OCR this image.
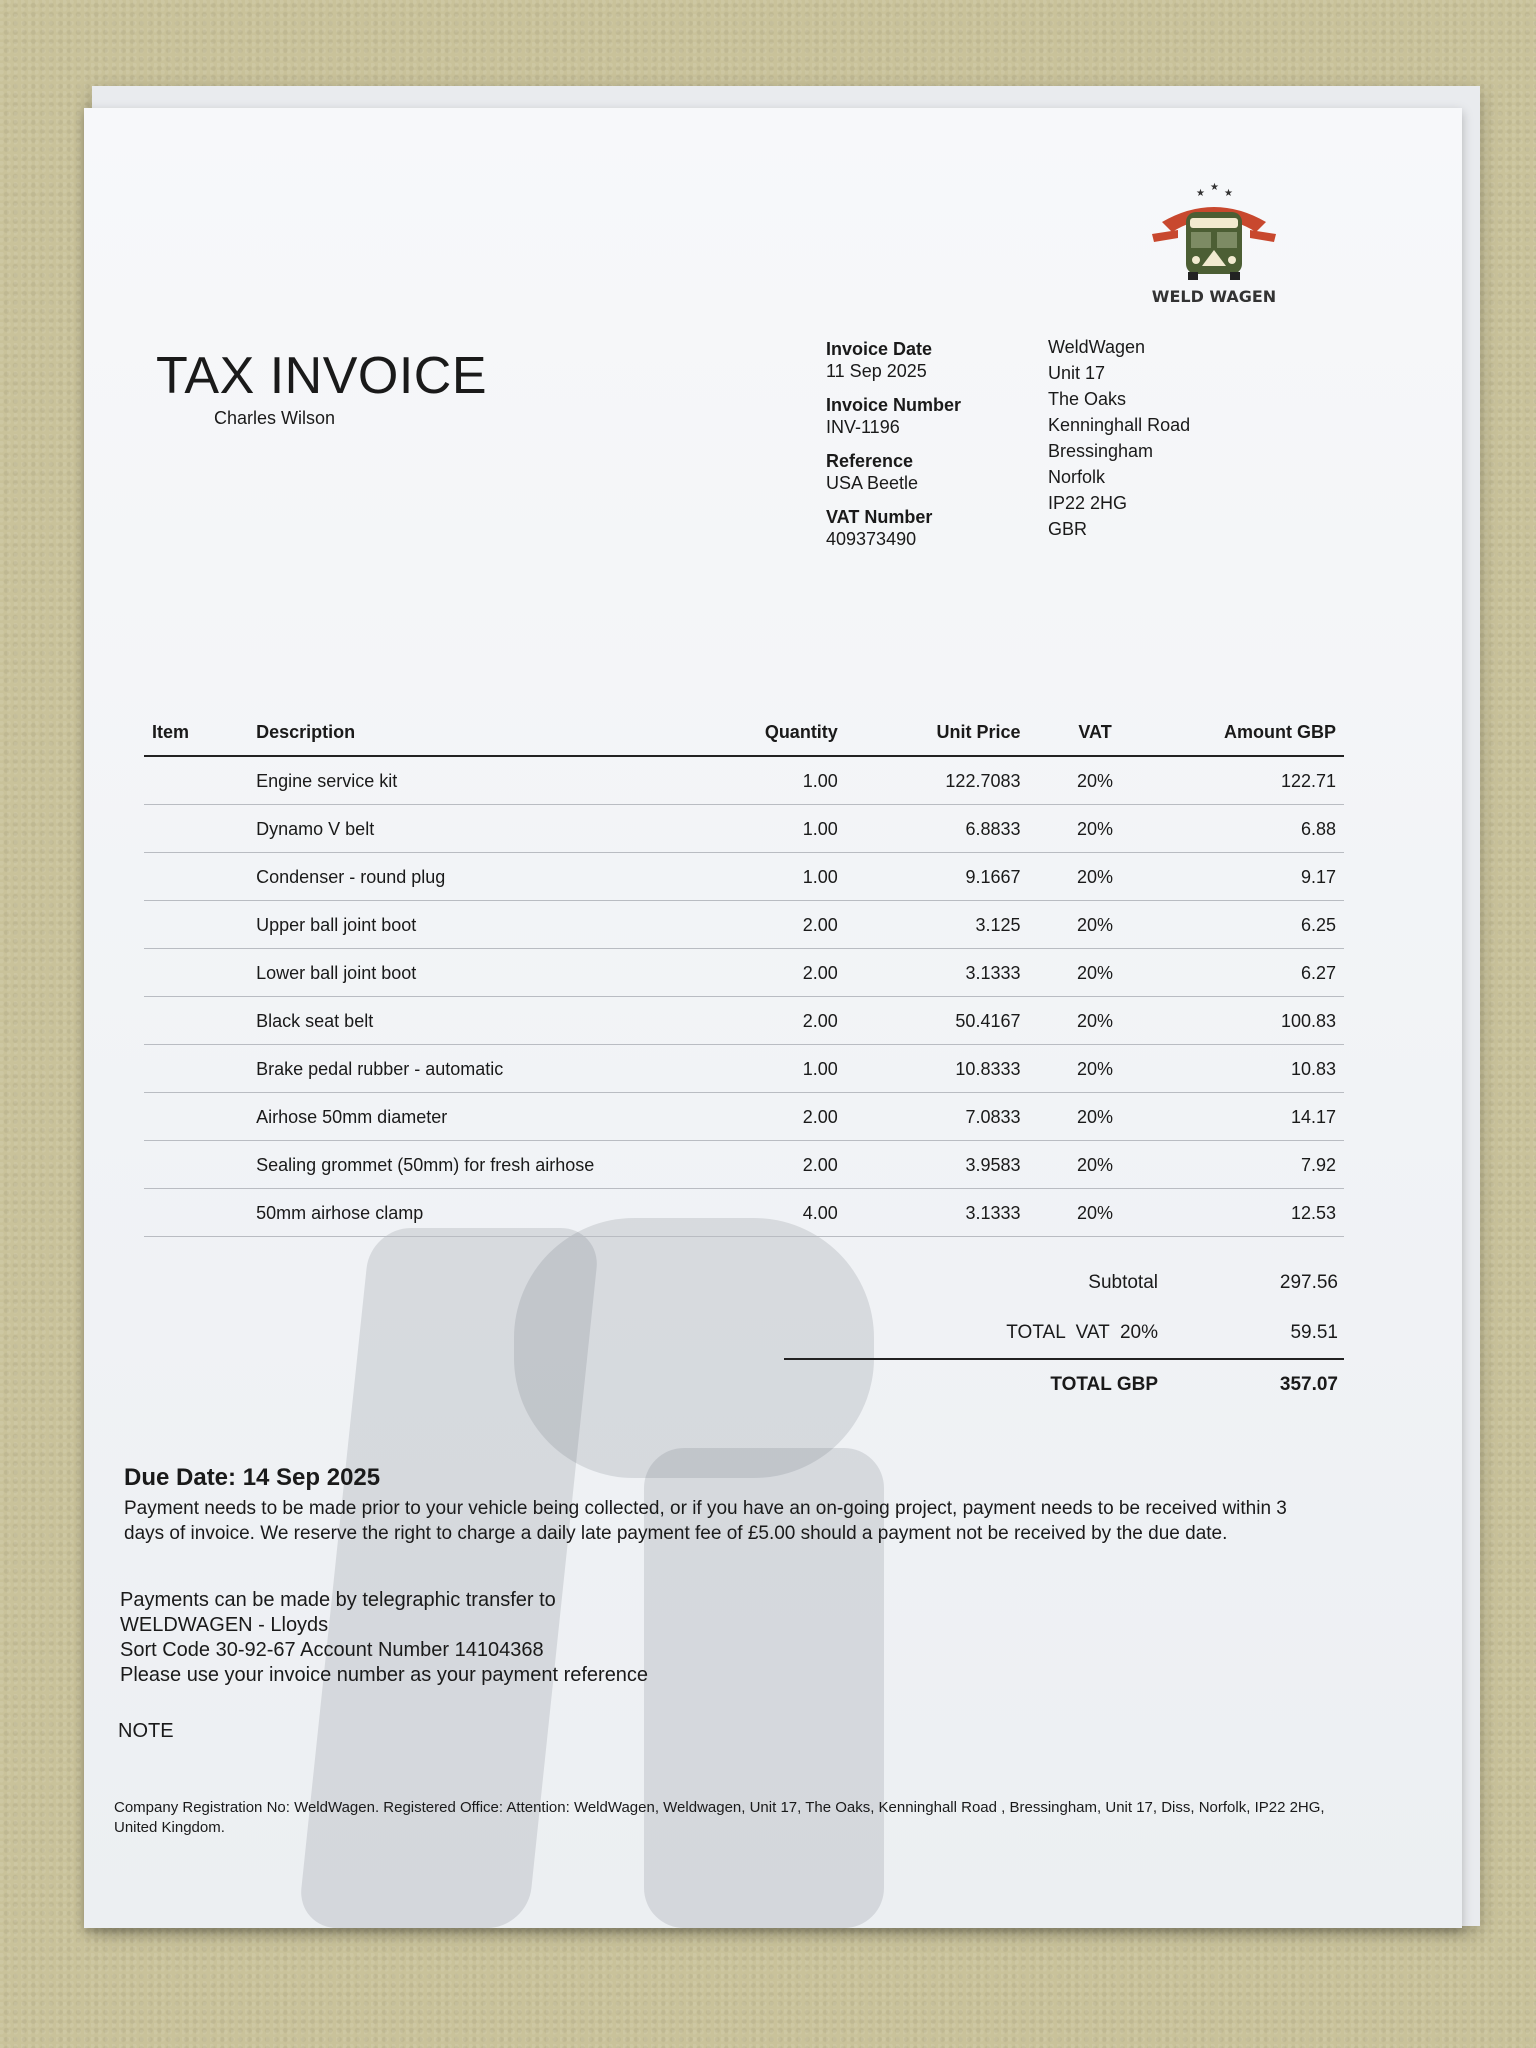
★
★
★
WELD WAGEN
TAX INVOICE
Charles Wilson
Invoice Date
11 Sep 2025
Invoice Number
INV-1196
Reference
USA Beetle
VAT Number
409373490
WeldWagen
Unit 17
The Oaks
Kenninghall Road
Bressingham
Norfolk
IP22 2HG
GBR
Item	Description	Quantity	Unit Price	VAT	Amount GBP
	Engine service kit	1.00	122.7083	20%	122.71
	Dynamo V belt	1.00	6.8833	20%	6.88
	Condenser - round plug	1.00	9.1667	20%	9.17
	Upper ball joint boot	2.00	3.125	20%	6.25
	Lower ball joint boot	2.00	3.1333	20%	6.27
	Black seat belt	2.00	50.4167	20%	100.83
	Brake pedal rubber - automatic	1.00	10.8333	20%	10.83
	Airhose 50mm diameter	2.00	7.0833	20%	14.17
	Sealing grommet (50mm) for fresh airhose	2.00	3.9583	20%	7.92
	50mm airhose clamp	4.00	3.1333	20%	12.53
Subtotal	297.56
TOTAL  VAT  20%	59.51
TOTAL GBP	357.07
Due Date: 14 Sep 2025
Payment needs to be made prior to your vehicle being collected, or if you have an on-going project, payment needs to be received within 3 days of invoice. We reserve the right to charge a daily late payment fee of £5.00 should a payment not be received by the due date.
Payments can be made by telegraphic transfer to
WELDWAGEN - Lloyds
Sort Code 30-92-67 Account Number 14104368
Please use your invoice number as your payment reference
NOTE
Company Registration No: WeldWagen. Registered Office: Attention: WeldWagen, Weldwagen, Unit 17, The Oaks, Kenninghall Road , Bressingham, Unit 17, Diss, Norfolk, IP22 2HG, United Kingdom.
